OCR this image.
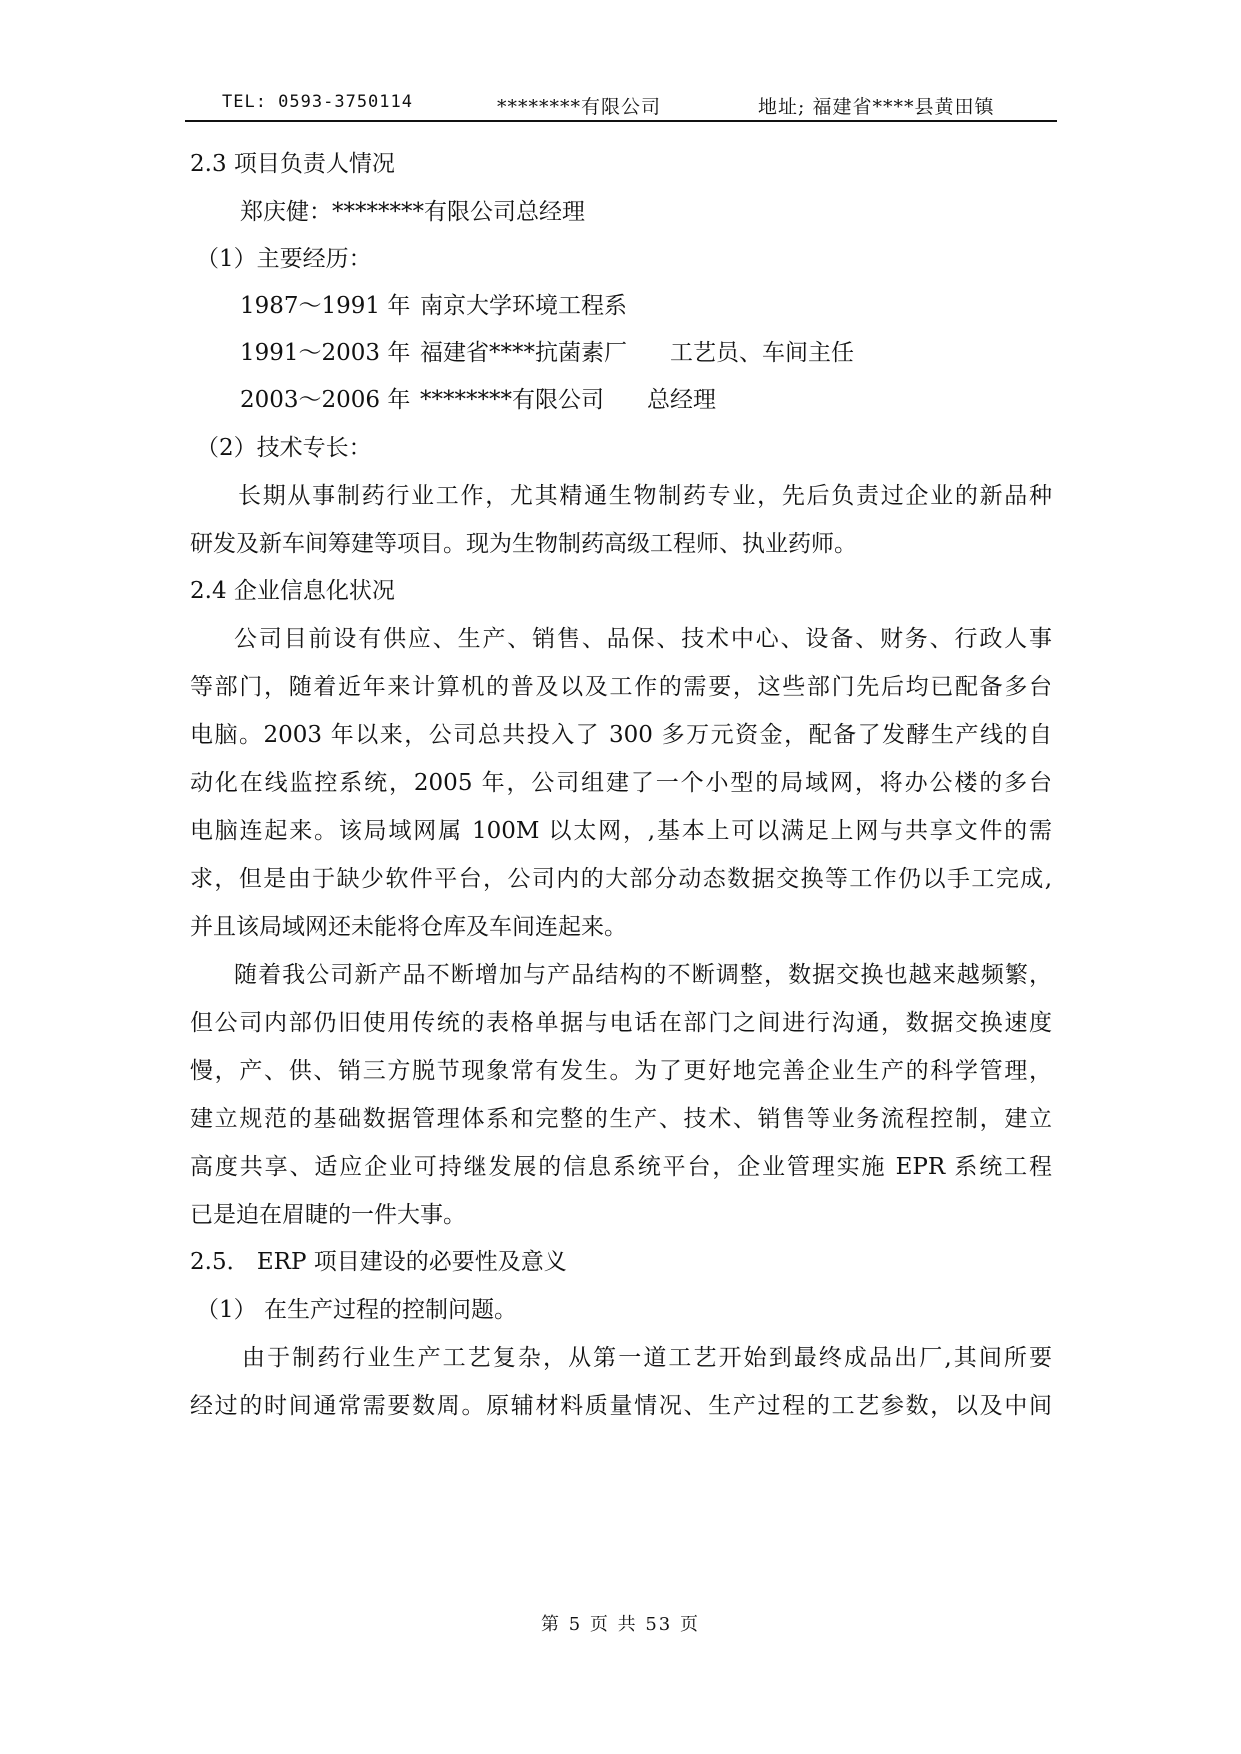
TEL: 0593-3750114	********有限公司	地址; 福建省****县黄田镇
2.3 项目负责人情况
郑庆健：********有限公司总经理
（1）主要经历：
1987～1991 年 南京大学环境工程系
1991～2003 年 福建省****抗菌素厂 工艺员、车间主任
2003～2006 年 ********有限公司 总经理
（2）技术专长：
长期从事制药行业工作，尤其精通生物制药专业，先后负责过企业的新品种
研发及新车间筹建等项目。现为生物制药高级工程师、执业药师。
2.4 企业信息化状况
公司目前设有供应、生产、销售、品保、技术中心、设备、财务、行政人事
等部门，随着近年来计算机的普及以及工作的需要，这些部门先后均已配备多台
电脑。2003 年以来，公司总共投入了 300 多万元资金，配备了发酵生产线的自
动化在线监控系统，2005 年，公司组建了一个小型的局域网，将办公楼的多台
电脑连起来。该局域网属 100M 以太网，,基本上可以满足上网与共享文件的需
求，但是由于缺少软件平台，公司内的大部分动态数据交换等工作仍以手工完成,
并且该局域网还未能将仓库及车间连起来。
随着我公司新产品不断增加与产品结构的不断调整，数据交换也越来越频繁，
但公司内部仍旧使用传统的表格单据与电话在部门之间进行沟通，数据交换速度
慢，产、供、销三方脱节现象常有发生。为了更好地完善企业生产的科学管理，
建立规范的基础数据管理体系和完整的生产、技术、销售等业务流程控制，建立
高度共享、适应企业可持继发展的信息系统平台，企业管理实施 EPR 系统工程
已是迫在眉睫的一件大事。
2.5． ERP 项目建设的必要性及意义
（1） 在生产过程的控制问题。
由于制药行业生产工艺复杂，从第一道工艺开始到最终成品出厂,其间所要
经过的时间通常需要数周。原辅材料质量情况、生产过程的工艺参数，以及中间
第 5 页 共 53 页
